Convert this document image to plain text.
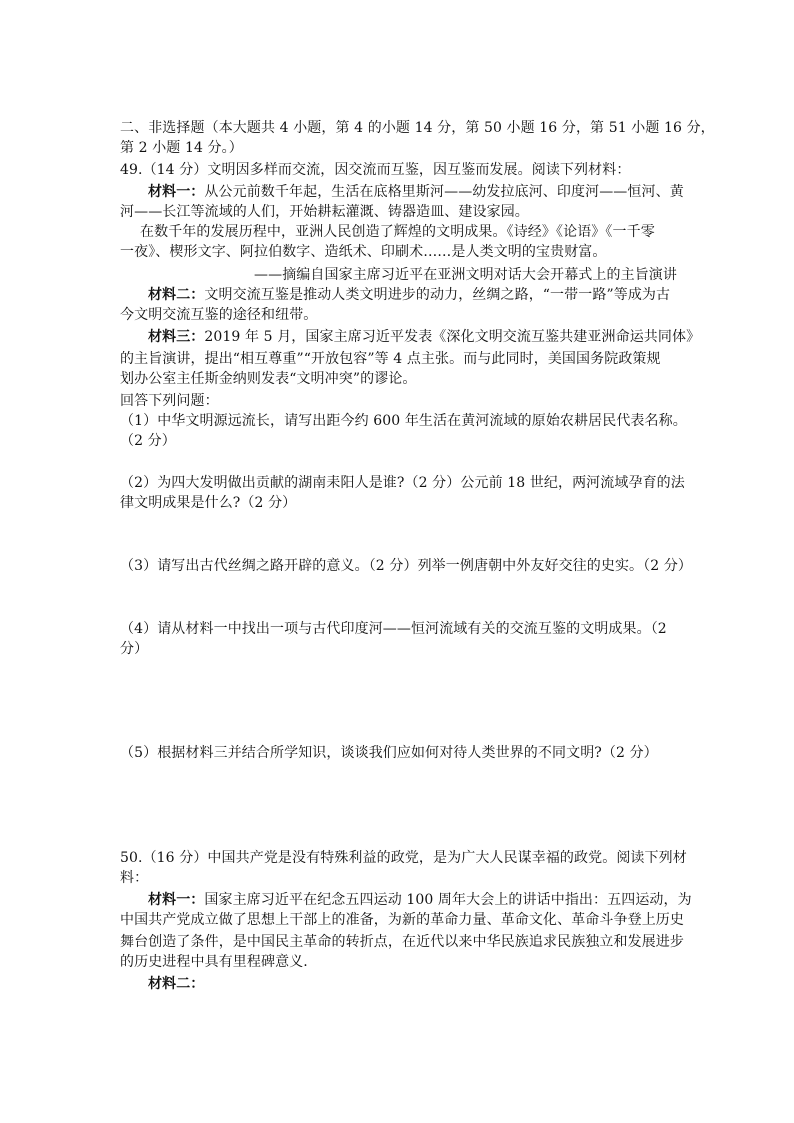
二、非选择题（本大题共 4 小题，第 4 的小题 14 分，第 50 小题 16 分，第 51 小题 16 分，
第 2 小题 14 分。）
49.（14 分）文明因多样而交流，因交流而互鉴，因互鉴而发展。阅读下列材料：
材料一：从公元前数千年起，生活在底格里斯河——幼发拉底河、印度河——恒河、黄
河——长江等流域的人们，开始耕耘灌溉、铸器造皿、建设家园。
在数千年的发展历程中，亚洲人民创造了辉煌的文明成果。《诗经》《论语》《一千零
一夜》、楔形文字、阿拉伯数字、造纸术、印刷术……是人类文明的宝贵财富。
——摘编自国家主席习近平在亚洲文明对话大会开幕式上的主旨演讲
材料二：文明交流互鉴是推动人类文明进步的动力，丝绸之路，“一带一路”等成为古
今文明交流互鉴的途径和纽带。
材料三：2019 年 5 月，国家主席习近平发表《深化文明交流互鉴共建亚洲命运共同体》
的主旨演讲，提出“相互尊重”“开放包容”等 4 点主张。而与此同时，美国国务院政策规
划办公室主任斯金纳则发表“文明冲突”的谬论。
回答下列问题：
（1）中华文明源远流长，请写出距今约 600 年生活在黄河流域的原始农耕居民代表名称。
（2 分）
（2）为四大发明做出贡献的湖南耒阳人是谁?（2 分）公元前 18 世纪，两河流域孕育的法
律文明成果是什么?（2 分）
（3）请写出古代丝绸之路开辟的意义。（2 分）列举一例唐朝中外友好交往的史实。（2 分）
（4）请从材料一中找出一项与古代印度河——恒河流域有关的交流互鉴的文明成果。（2
分）
（5）根据材料三并结合所学知识，谈谈我们应如何对待人类世界的不同文明?（2 分）
50.（16 分）中国共产党是没有特殊利益的政党，是为广大人民谋幸福的政党。阅读下列材
料：
材料一：国家主席习近平在纪念五四运动 100 周年大会上的讲话中指出：五四运动，为
中国共产党成立做了思想上干部上的准备，为新的革命力量、革命文化、革命斗争登上历史
舞台创造了条件，是中国民主革命的转折点，在近代以来中华民族追求民族独立和发展进步
的历史进程中具有里程碑意义.
材料二：
